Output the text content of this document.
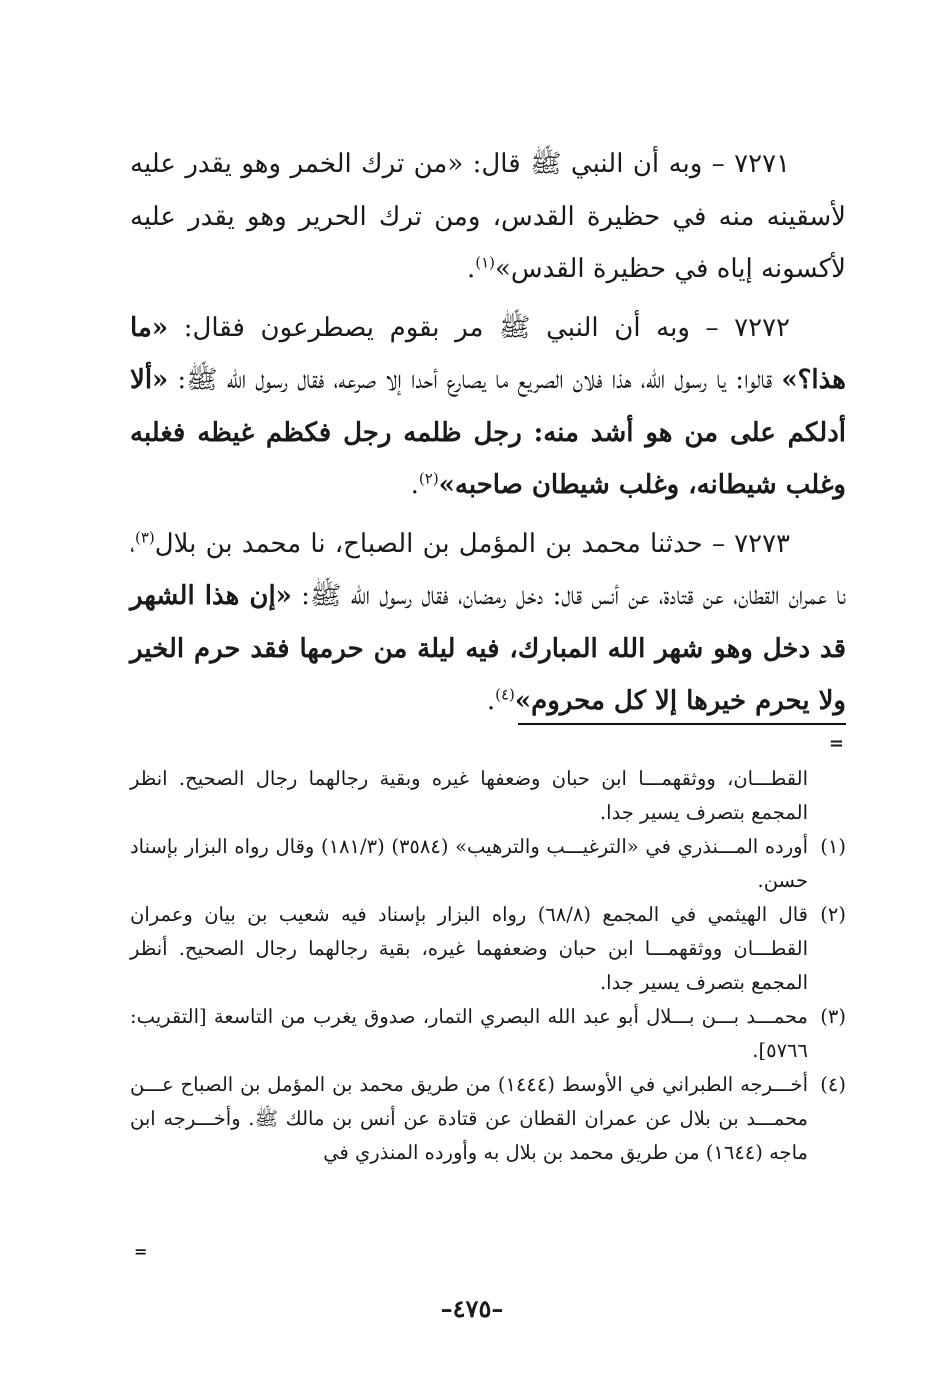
٧٢٧١ – وبه أن النبي ﷺ قال: «من ترك الخمر وهو يقدر عليه لأسقينه منه في حظيرة القدس، ومن ترك الحرير وهو يقدر عليه لأكسونه إياه في حظيرة القدس»$^{(١)}$.

٧٢٧٢ – وبه أن النبي ﷺ مر بقوم يصطرعون فقال: «ما هذا؟» قالوا: يا رسول الله، هذا فلان الصريع ما يصارع أحدا إلا صرعه، فقال رسول الله ﷺ: «ألا أدلكم على من هو أشد منه: رجل ظلمه رجل فكظم غيظه فغلبه وغلب شيطانه، وغلب شيطان صاحبه»$^{(٢)}$.

٧٢٧٣ – حدثنا محمد بن المؤمل بن الصباح، نا محمد بن بلال$^{(٣)}$، نا عمران القطان، عن قتادة، عن أنس قال: دخل رمضان، فقال رسول الله ﷺ: «إن هذا الشهر قد دخل وهو شهر الله المبارك، فيه ليلة من حرمها فقد حرم الخير ولا يحرم خيرها إلا كل محروم»$^{(٤)}$.

=
القطـــان، ووثقهمـــا ابن حبان وضعفها غيره وبقية رجالهما رجال الصحيح. انظر المجمع بتصرف يسير جدا.
(١)
أورده المـــنذري في «الترغيـــب والترهيب» (٣٥٨٤) (١٨١/٣) وقال رواه البزار بإسناد حسن.
(٢)
قال الهيثمي في المجمع (٦٨/٨) رواه البزار بإسناد فيه شعيب بن بيان وعمران القطـــان ووثقهمـــا ابن حبان وضعفهما غيره، بقية رجالهما رجال الصحيح. أنظر المجمع بتصرف يسير جدا.
(٣)
محمـــد بـــن بـــلال أبو عبد الله البصري التمار، صدوق يغرب من التاسعة [التقريب: ٥٧٦٦].
(٤)
أخـــرجه الطبراني في الأوسط (١٤٤٤) من طريق محمد بن المؤمل بن الصباح عـــن محمـــد بن بلال عن عمران القطان عن قتادة عن أنس بن مالك ﷺ. وأخـــرجه ابن ماجه (١٦٤٤) من طريق محمد بن بلال به وأورده المنذري في
=
–٤٧٥–
